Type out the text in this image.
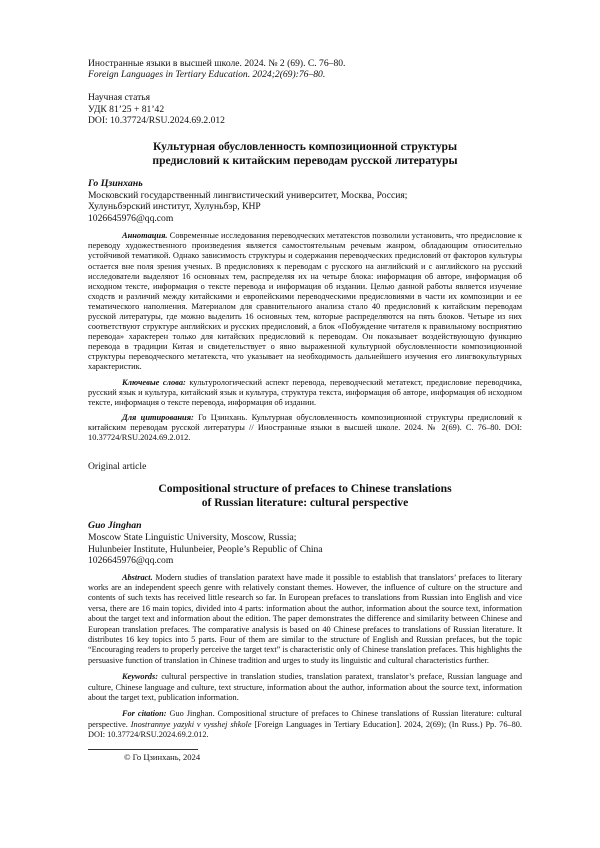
Иностранные языки в высшей школе. 2024. № 2 (69). С. 76–80.
Foreign Languages in Tertiary Education. 2024;2(69):76–80.
Научная статья
УДК 81’25 + 81’42
DOI: 10.37724/RSU.2024.69.2.012
Культурная обусловленность композиционной структуры
предисловий к китайским переводам русской литературы
Го Цзинхань
Московский государственный лингвистический университет, Москва, Россия;
Хулуньбэрский институт, Хулуньбэр, КНР
1026645976@qq.com

Аннотация. Современные исследования переводческих метатекстов позволили установить, что предисловие к переводу художественного произведения является самостоятельным речевым жанром, обладающим относительно устойчивой тематикой. Однако зависимость структуры и содержания переводческих предисловий от факторов культуры остается вне поля зрения ученых. В предисловиях к переводам с русского на английский и с английского на русский исследователи выделяют 16 основных тем, распределяя их на четыре блока: информация об авторе, информация об исходном тексте, информация о тексте перевода и информация об издании. Целью данной работы является изучение сходств и различий между китайскими и европейскими переводческими предисловиями в части их композиции и ее тематического наполнения. Материалом для сравнительного анализа стало 40 предисловий к китайским переводам русской литературы, где можно выделить 16 основных тем, которые распределяются на пять блоков. Четыре из них соответствуют структуре английских и русских предисловий, а блок «Побуждение читателя к правильному восприятию перевода» характерен только для китайских предисловий к переводам. Он показывает воздействующую функцию перевода в традиции Китая и свидетельствует о явно выраженной культурной обусловленности композиционной структуры переводческого метатекста, что указывает на необходимость дальнейшего изучения его лингвокультурных характеристик.

Ключевые слова: культурологический аспект перевода, переводческий метатекст, предисловие переводчика, русский язык и культура, китайский язык и культура, структура текста, информация об авторе, информация об исходном тексте, информация о тексте перевода, информация об издании.

Для цитирования: Го Цзинхань. Культурная обусловленность композиционной структуры предисловий к китайским переводам русской литературы // Иностранные языки в высшей школе. 2024. № 2(69). С. 76–80. DOI: 10.37724/RSU.2024.69.2.012.

Original article
Compositional structure of prefaces to Chinese translations
of Russian literature: cultural perspective
Guo Jinghan
Moscow State Linguistic University, Moscow, Russia;
Hulunbeier Institute, Hulunbeier, People’s Republic of China
1026645976@qq.com

Abstract. Modern studies of translation paratext have made it possible to establish that translators’ prefaces to literary works are an independent speech genre with relatively constant themes. However, the influence of culture on the structure and contents of such texts has received little research so far. In European prefaces to translations from Russian into English and vice versa, there are 16 main topics, divided into 4 parts: information about the author, information about the source text, information about the target text and information about the edition. The paper demonstrates the difference and similarity between Chinese and European translation prefaces. The comparative analysis is based on 40 Chinese prefaces to translations of Russian literature. It distributes 16 key topics into 5 parts. Four of them are similar to the structure of English and Russian prefaces, but the topic “Encouraging readers to properly perceive the target text” is characteristic only of Chinese translation prefaces. This highlights the persuasive function of translation in Chinese tradition and urges to study its linguistic and cultural characteristics further.

Keywords: cultural perspective in translation studies, translation paratext, translator’s preface, Russian language and culture, Chinese language and culture, text structure, information about the author, information about the source text, information about the target text, publication information.

For citation: Guo Jinghan. Compositional structure of prefaces to Chinese translations of Russian literature: cultural perspective. Inostrannye yazyki v vysshej shkole [Foreign Languages in Tertiary Education]. 2024, 2(69); (In Russ.) Pp. 76–80. DOI: 10.37724/RSU.2024.69.2.012.

© Го Цзинхань, 2024
